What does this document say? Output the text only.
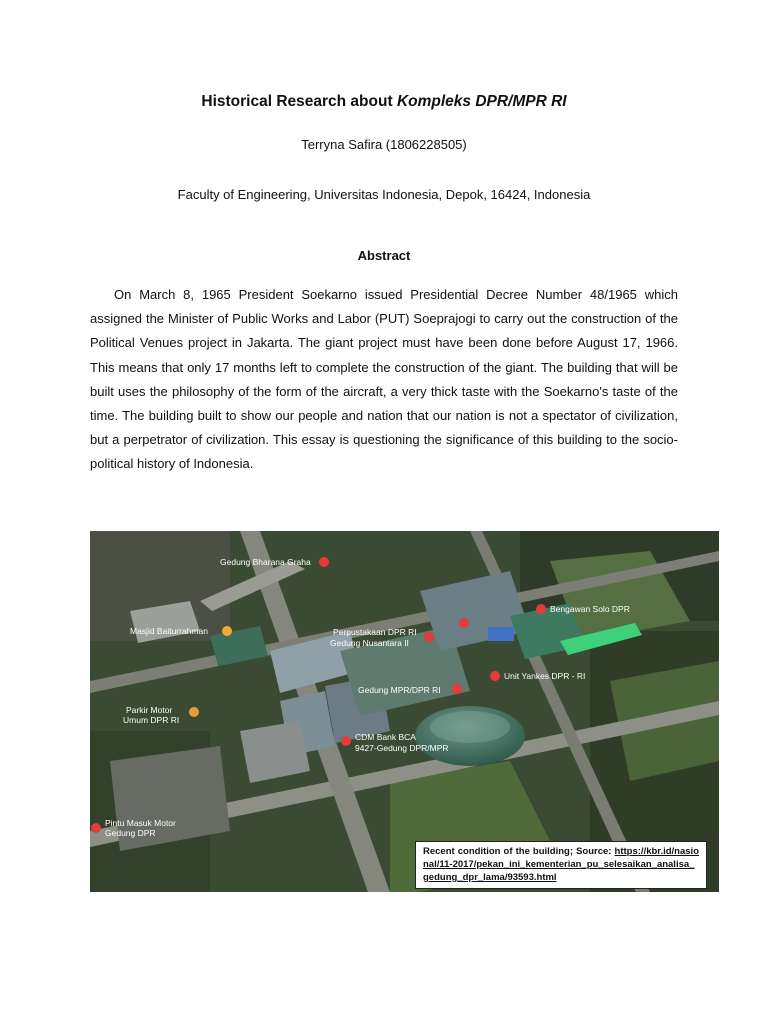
Historical Research about Kompleks DPR/MPR RI
Terryna Safira (1806228505)
Faculty of Engineering, Universitas Indonesia, Depok, 16424, Indonesia
Abstract

On March 8, 1965 President Soekarno issued Presidential Decree Number 48/1965 which assigned the Minister of Public Works and Labor (PUT) Soeprajogi to carry out the construction of the Political Venues project in Jakarta. The giant project must have been done before August 17, 1966. This means that only 17 months left to complete the construction of the giant. The building that will be built uses the philosophy of the form of the aircraft, a very thick taste with the Soekarno's taste of the time. The building built to show our people and nation that our nation is not a spectator of civilization, but a perpetrator of civilization. This essay is questioning the significance of this building to the socio-political history of Indonesia.

Gedung Bharana Graha
Masjid Baiturrahman	Perpustakaan DPR RI
Gedung Nusantara II
Bengawan Solo DPR
Gedung MPR/DPR RI
Unit Yankes DPR - RI
Parkir Motor
Umum DPR RI
CDM Bank BCA
9427-Gedung DPR/MPR
Pintu Masuk Motor
Gedung DPR
Recent condition of the building; Source: https://kbr.id/nasional/11-2017/pekan_ini_kementerian_pu_selesaikan_analisa_gedung_dpr_lama/93593.html
